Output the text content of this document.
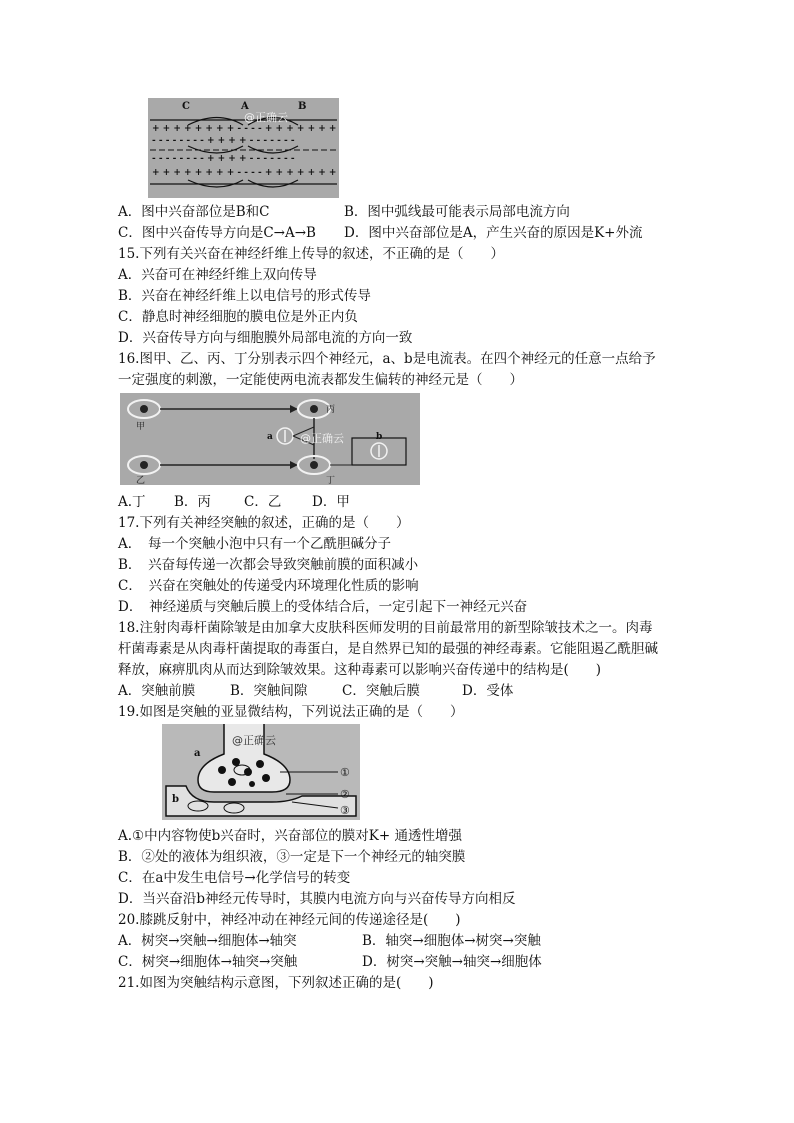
C	A	B
+ + + + + + + + - - - - + + + + + + +
- - - - - - - - + + + + - - - - - - -
- - - - - - - - + + + + - - - - - - -
+ + + + + + + + - - - - + + + + + + +
@正确云
A．图中兴奋部位是B和C	B．图中弧线最可能表示局部电流方向
C．图中兴奋传导方向是C→A→B D．图中兴奋部位是A，产生兴奋的原因是K+外流
15.下列有关兴奋在神经纤维上传导的叙述，不正确的是（　　）
A．兴奋可在神经纤维上双向传导
B．兴奋在神经纤维上以电信号的形式传导
C．静息时神经细胞的膜电位是外正内负
D．兴奋传导方向与细胞膜外局部电流的方向一致
16.图甲、乙、丙、丁分别表示四个神经元，a、b是电流表。在四个神经元的任意一点给予
一定强度的刺激，一定能使两电流表都发生偏转的神经元是（　　）
甲
丙
乙	丁
a	b
@正确云
A.丁 B．丙 C．乙 D．甲
17.下列有关神经突触的叙述，正确的是（　　）
A．　每一个突触小泡中只有一个乙酰胆碱分子
B．　兴奋每传递一次都会导致突触前膜的面积减小
C．　兴奋在突触处的传递受内环境理化性质的影响
D．　神经递质与突触后膜上的受体结合后，一定引起下一神经元兴奋
18.注射肉毒杆菌除皱是由加拿大皮肤科医师发明的目前最常用的新型除皱技术之一。肉毒
杆菌毒素是从肉毒杆菌提取的毒蛋白，是自然界已知的最强的神经毒素。它能阻遏乙酰胆碱
释放，麻痹肌肉从而达到除皱效果。这种毒素可以影响兴奋传递中的结构是(　　)
A．突触前膜	B．突触间隙	C．突触后膜	D．受体
19.如图是突触的亚显微结构，下列说法正确的是（　　）
a
b
①
②
③
@正确云
A.①中内容物使b兴奋时，兴奋部位的膜对K+ 通透性增强
B．②处的液体为组织液，③一定是下一个神经元的轴突膜
C．在a中发生电信号→化学信号的转变
D．当兴奋沿b神经元传导时，其膜内电流方向与兴奋传导方向相反
20.膝跳反射中，神经冲动在神经元间的传递途径是(　　)
A．树突→突触→细胞体→轴突	B．轴突→细胞体→树突→突触
C．树突→细胞体→轴突→突触	D．树突→突触→轴突→细胞体
21.如图为突触结构示意图，下列叙述正确的是(　　)
